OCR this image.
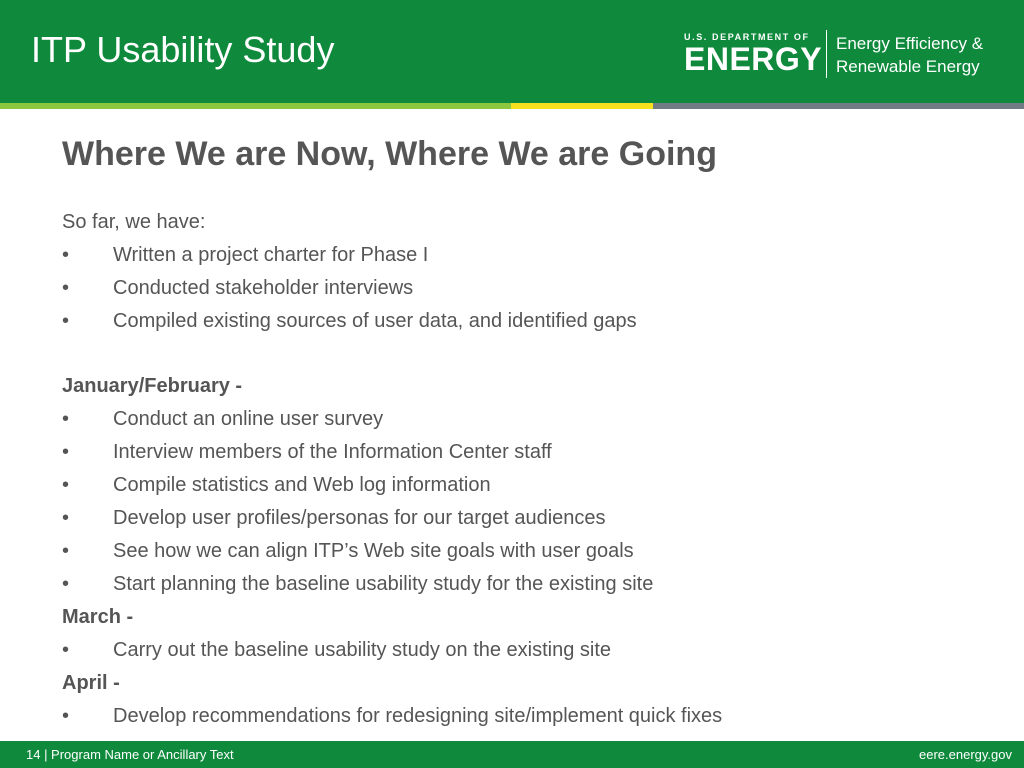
ITP Usability Study	U.S. DEPARTMENT OF
ENERGY Energy Efficiency &
Renewable Energy
Where We are Now, Where We are Going
So far, we have:
• Written a project charter for Phase I
• Conducted stakeholder interviews
• Compiled existing sources of user data, and identified gaps
January/February -
• Conduct an online user survey
• Interview members of the Information Center staff
• Compile statistics and Web log information
• Develop user profiles/personas for our target audiences
• See how we can align ITP’s Web site goals with user goals
• Start planning the baseline usability study for the existing site
March -
• Carry out the baseline usability study on the existing site
April -
• Develop recommendations for redesigning site/implement quick fixes
14 | Program Name or Ancillary Text	eere.energy.gov
